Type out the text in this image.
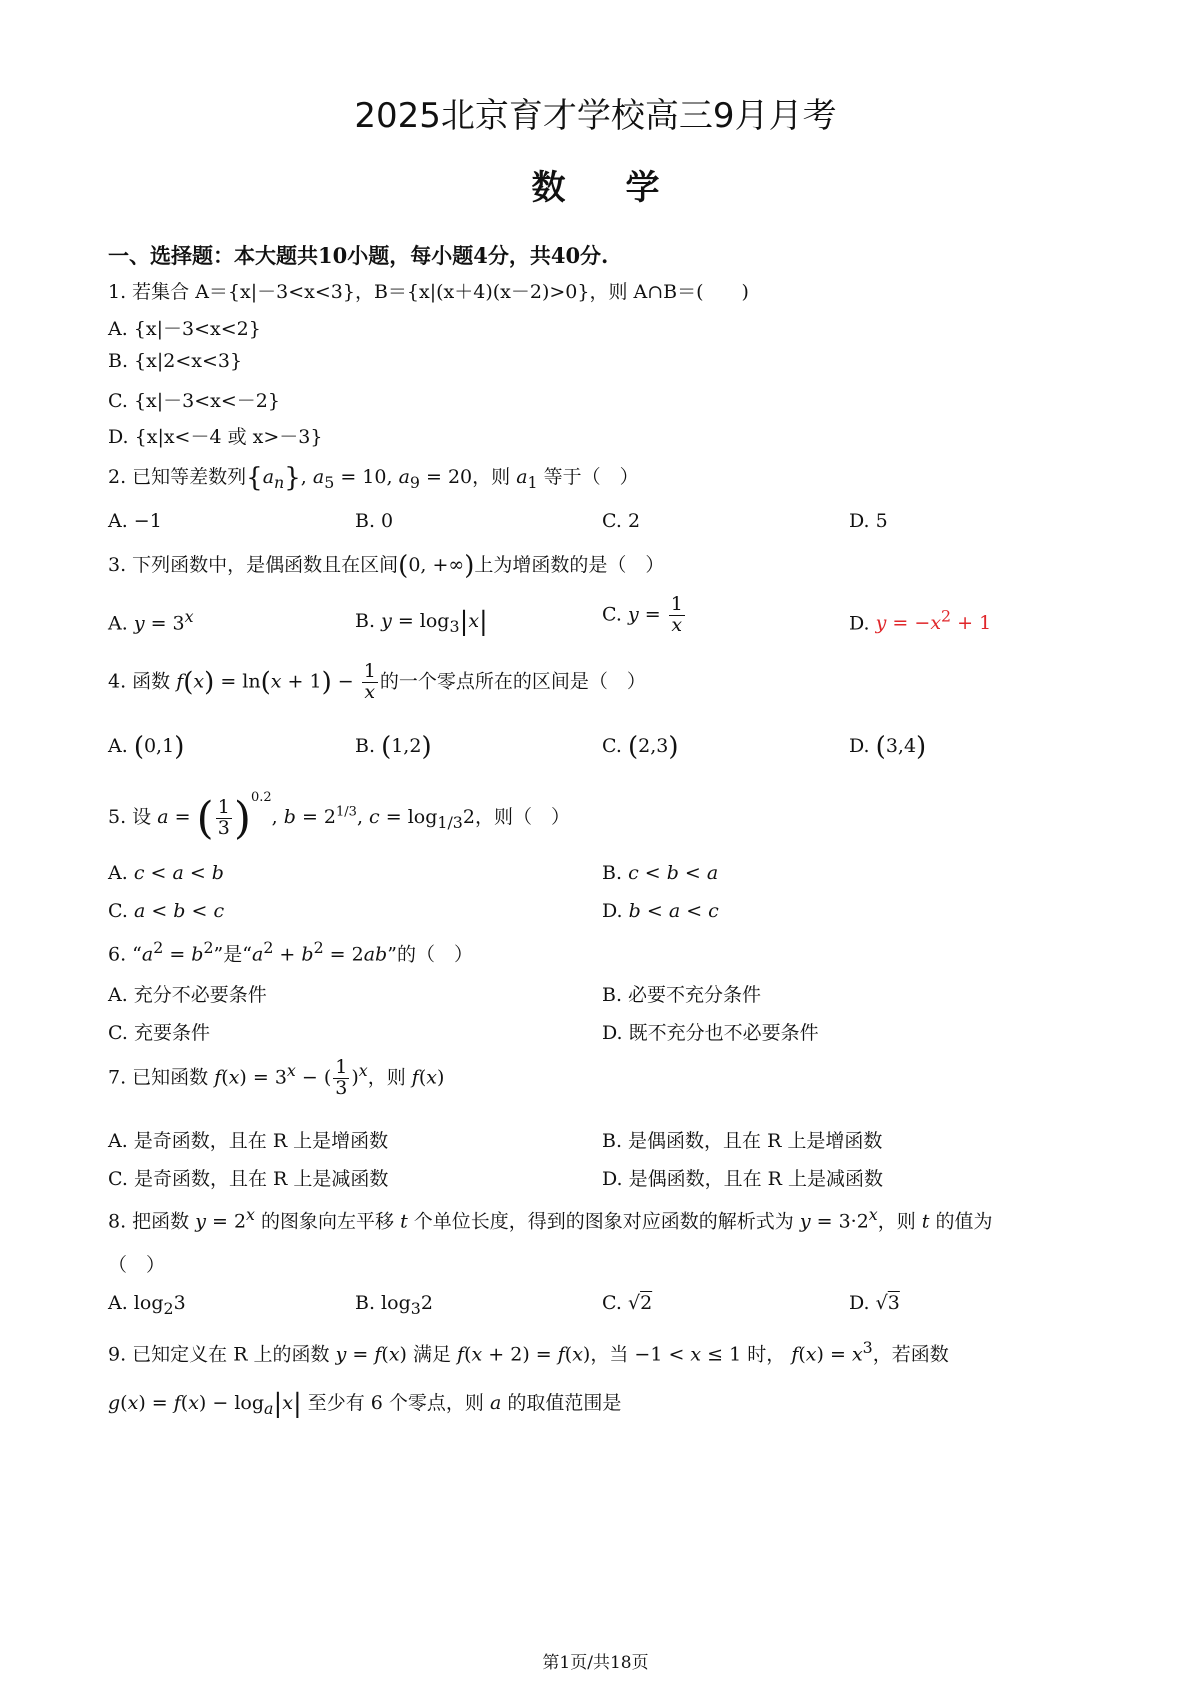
2025北京育才学校高三9月月考
数学
一、选择题：本大题共10小题，每小题4分，共40分.
1. 若集合 A＝{x|－3<x<3}，B＝{x|(x＋4)(x－2)>0}，则 A∩B＝(　　)
A. {x|－3<x<2}
B. {x|2<x<3}
C. {x|－3<x<－2}
D. {x|x<－4 或 x>－3}
2. 已知等差数列$\{a_n\}$, $a_5 = 10$, $a_9 = 20$，则 $a_1$ 等于（　）
A. −1	B. 0	C. 2	D. 5
3. 下列函数中，是偶函数且在区间(0, +∞)上为增函数的是（　）
A. $y = 3^x$	B. $y = \log_3|x|$	C. $y = \frac{1}{x}$	D. $y = -x^2 + 1$
4. 函数 $f(x) = \ln(x + 1) - \frac{1}{x}$ 的一个零点所在的区间是（　）
A. (0,1)	B. (1,2)	C. (2,3)	D. (3,4)
5. 设 a = ( $\frac{1}{3} )^{0.2}$, $b = 2^{1/3}$, $c = \log_{1/3}2$，则（　）
A. c < a < b	B. c < b < a
C. a < b < c	D. b < a < c
6. “$a^2 = b^2$”是“$a^2 + b^2 = 2ab$”的（　）
A. 充分不必要条件	B. 必要不充分条件
C. 充要条件	D. 既不充分也不必要条件
7. 已知函数 $f(x) = 3^x$ − ( $\frac{1}{3} )^x$，则 f(x)
A. 是奇函数，且在 R 上是增函数	B. 是偶函数，且在 R 上是增函数
C. 是奇函数，且在 R 上是减函数	D. 是偶函数，且在 R 上是减函数
8. 把函数 $y = 2^x$ 的图象向左平移 t 个单位长度，得到的图象对应函数的解析式为 $y = 3\cdot 2^x$，则 t 的值为
（　）
A. $\log_23$	B. $\log_32$	C. √2	D. √3
9. 已知定义在 R 上的函数 y = f(x) 满足 f(x + 2) = f(x)，当 −1 < x ≤ 1 时， $f(x) = x^3$，若函数
$g(x) = f(x) - \log_a|x|$ 至少有 6 个零点，则 a 的取值范围是
第1页/共18页
